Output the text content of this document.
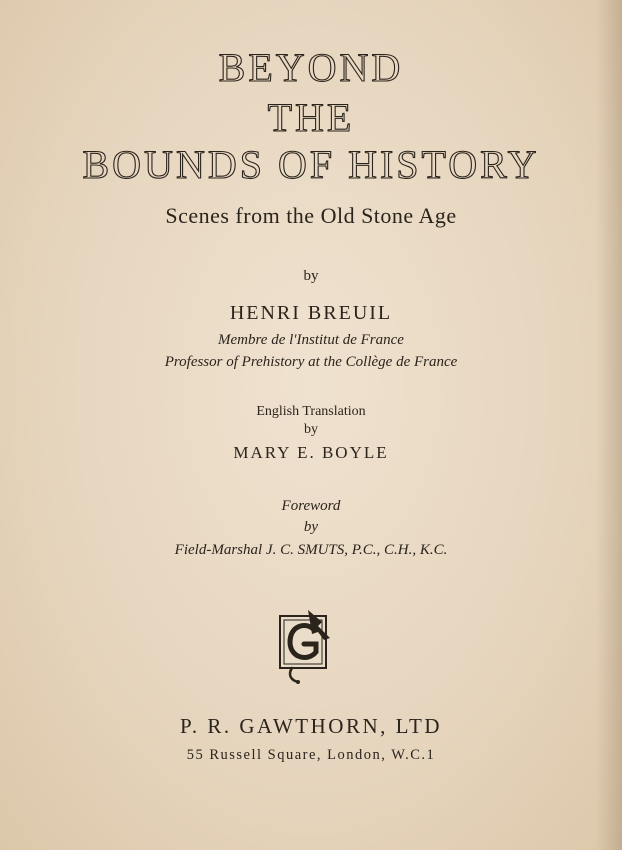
BEYOND
THE
BOUNDS OF HISTORY
Scenes from the Old Stone Age
by
HENRI BREUIL
Membre de l'Institut de France
Professor of Prehistory at the Collège de France
English Translation
by
MARY E. BOYLE
Foreword
by
Field-Marshal J. C. SMUTS, P.C., C.H., K.C.
P. R. GAWTHORN, LTD
55 Russell Square, London, W.C.1
